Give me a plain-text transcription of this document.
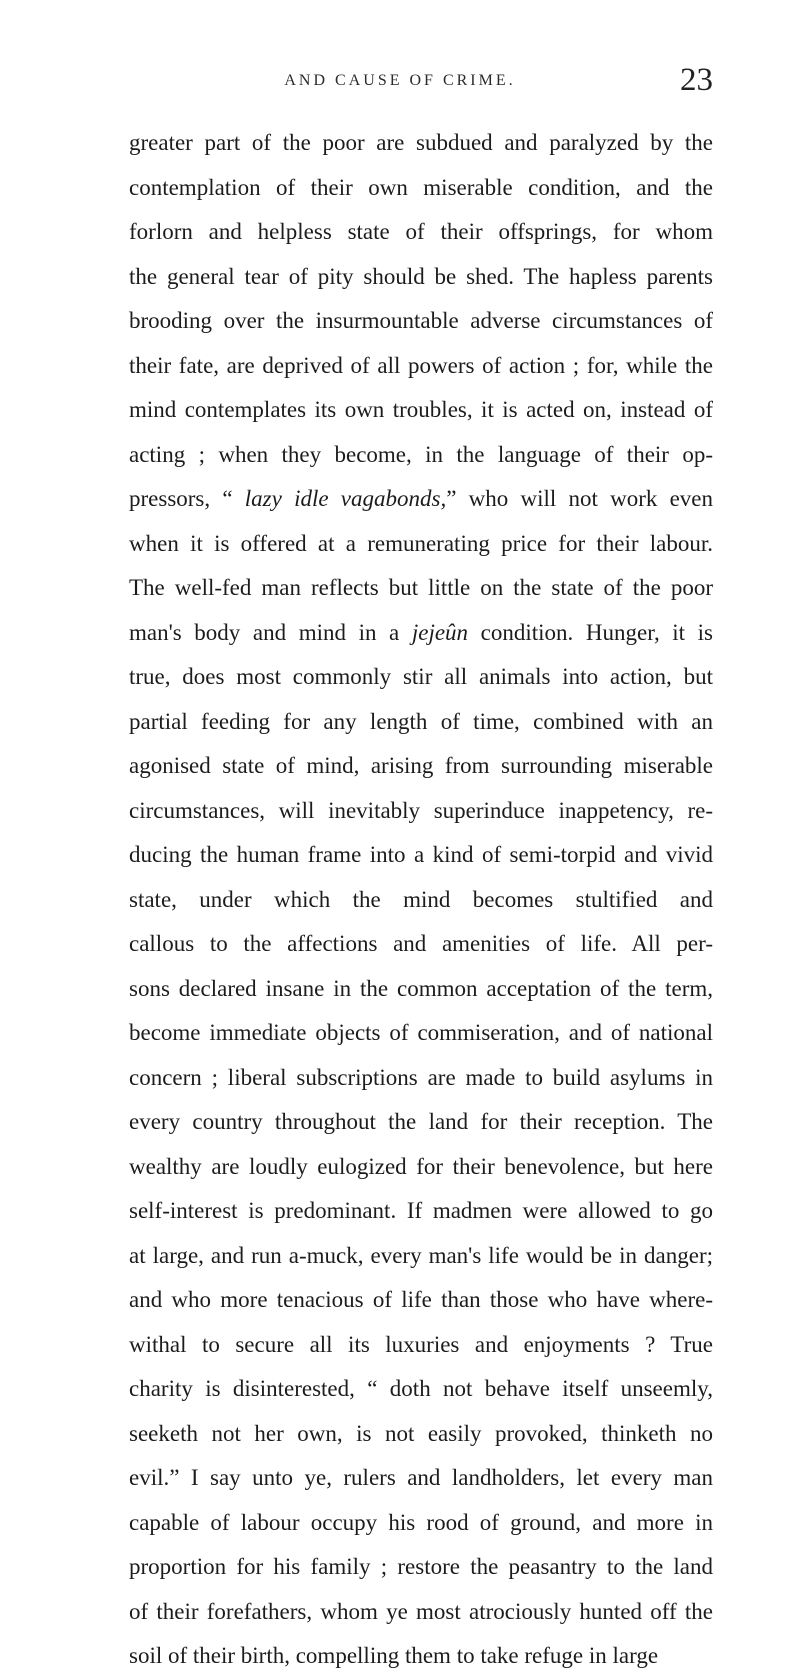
AND CAUSE OF CRIME.	23
greater part of the poor are subdued and paralyzed by the
contemplation of their own miserable condition, and the
forlorn and helpless state of their offsprings, for whom
the general tear of pity should be shed. The hapless parents
brooding over the insurmountable adverse circumstances of
their fate, are deprived of all powers of action ; for, while the
mind contemplates its own troubles, it is acted on, instead of
acting ; when they become, in the language of their op-
pressors, “ lazy idle vagabonds,” who will not work even
when it is offered at a remunerating price for their labour.
The well-fed man reflects but little on the state of the poor
man's body and mind in a jejeûn condition. Hunger, it is
true, does most commonly stir all animals into action, but
partial feeding for any length of time, combined with an
agonised state of mind, arising from surrounding miserable
circumstances, will inevitably superinduce inappetency, re-
ducing the human frame into a kind of semi-torpid and vivid
state, under which the mind becomes stultified and
callous to the affections and amenities of life. All per-
sons declared insane in the common acceptation of the term,
become immediate objects of commiseration, and of national
concern ; liberal subscriptions are made to build asylums in
every country throughout the land for their reception. The
wealthy are loudly eulogized for their benevolence, but here
self-interest is predominant. If madmen were allowed to go
at large, and run a-muck, every man's life would be in danger;
and who more tenacious of life than those who have where-
withal to secure all its luxuries and enjoyments ? True
charity is disinterested, “ doth not behave itself unseemly,
seeketh not her own, is not easily provoked, thinketh no
evil.” I say unto ye, rulers and landholders, let every man
capable of labour occupy his rood of ground, and more in
proportion for his family ; restore the peasantry to the land
of their forefathers, whom ye most atrociously hunted off the
soil of their birth, compelling them to take refuge in large
